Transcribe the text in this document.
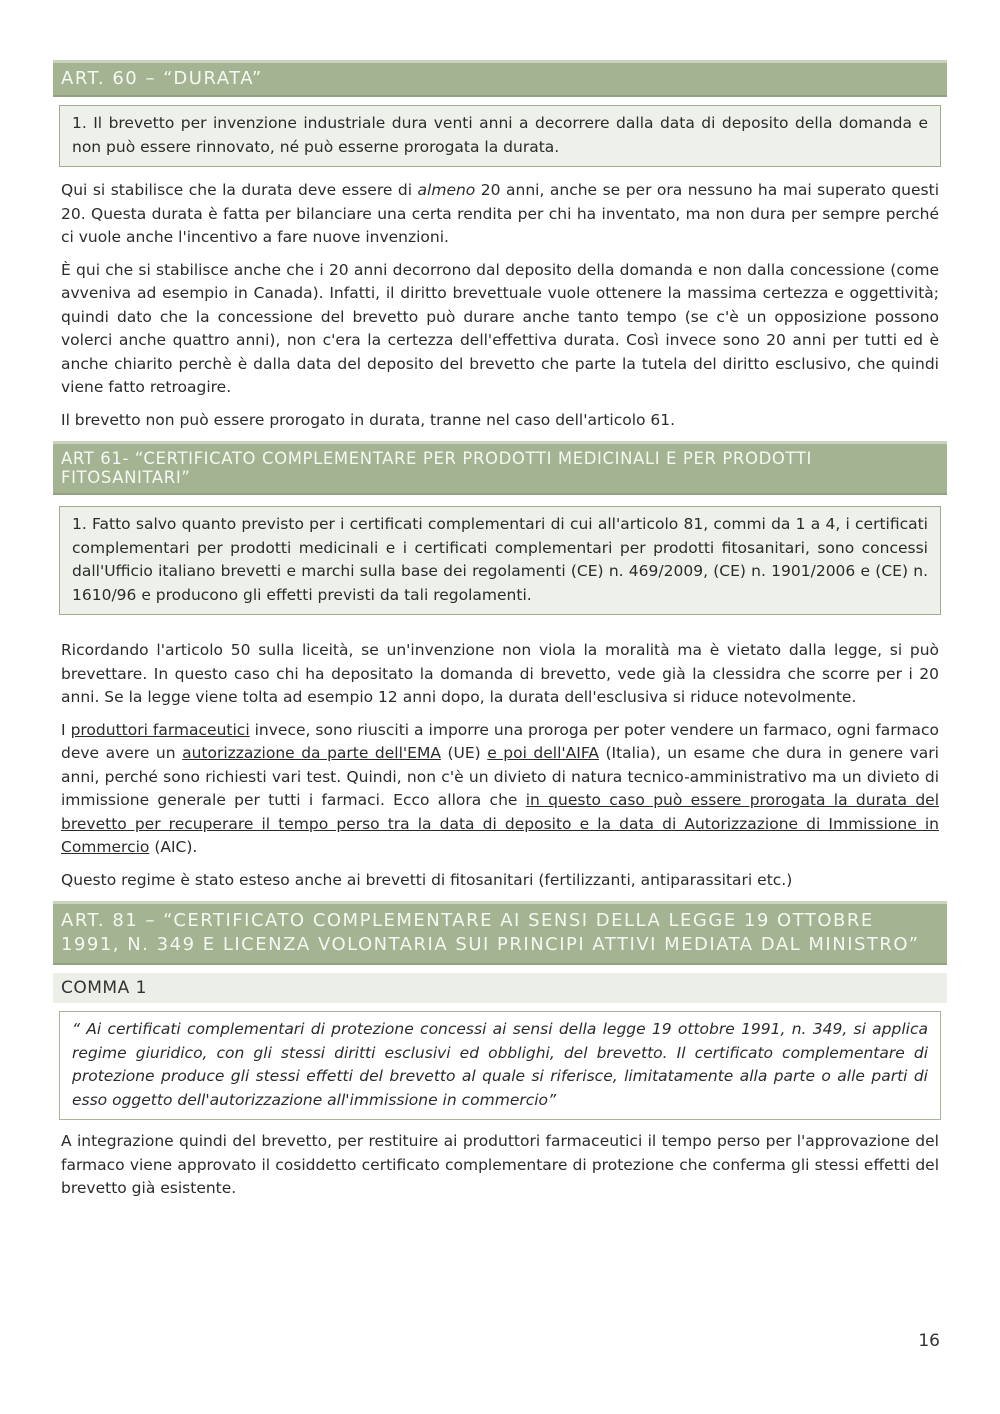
ART. 60 – “DURATA”
1. Il brevetto per invenzione industriale dura venti anni a decorrere dalla data di deposito della domanda e non può essere rinnovato, né può esserne prorogata la durata.

Qui si stabilisce che la durata deve essere di almeno 20 anni, anche se per ora nessuno ha mai superato questi 20. Questa durata è fatta per bilanciare una certa rendita per chi ha inventato, ma non dura per sempre perché ci vuole anche l'incentivo a fare nuove invenzioni.

È qui che si stabilisce anche che i 20 anni decorrono dal deposito della domanda e non dalla concessione (come avveniva ad esempio in Canada). Infatti, il diritto brevettuale vuole ottenere la massima certezza e oggettività; quindi dato che la concessione del brevetto può durare anche tanto tempo (se c'è un opposizione possono volerci anche quattro anni), non c'era la certezza dell'effettiva durata. Così invece sono 20 anni per tutti ed è anche chiarito perchè è dalla data del deposito del brevetto che parte la tutela del diritto esclusivo, che quindi viene fatto retroagire.

Il brevetto non può essere prorogato in durata, tranne nel caso dell'articolo 61.

ART 61- “CERTIFICATO COMPLEMENTARE PER PRODOTTI MEDICINALI E PER PRODOTTI FITOSANITARI”
1. Fatto salvo quanto previsto per i certificati complementari di cui all'articolo 81, commi da 1 a 4, i certificati complementari per prodotti medicinali e i certificati complementari per prodotti fitosanitari, sono concessi dall'Ufficio italiano brevetti e marchi sulla base dei regolamenti (CE) n. 469/2009, (CE) n. 1901/2006 e (CE) n. 1610/96 e producono gli effetti previsti da tali regolamenti.

Ricordando l'articolo 50 sulla liceità, se un'invenzione non viola la moralità ma è vietato dalla legge, si può brevettare. In questo caso chi ha depositato la domanda di brevetto, vede già la clessidra che scorre per i 20 anni. Se la legge viene tolta ad esempio 12 anni dopo, la durata dell'esclusiva si riduce notevolmente.

I produttori farmaceutici invece, sono riusciti a imporre una proroga per poter vendere un farmaco, ogni farmaco deve avere un autorizzazione da parte dell'EMA (UE) e poi dell'AIFA (Italia), un esame che dura in genere vari anni, perché sono richiesti vari test. Quindi, non c'è un divieto di natura tecnico-amministrativo ma un divieto di immissione generale per tutti i farmaci. Ecco allora che in questo caso può essere prorogata la durata del brevetto per recuperare il tempo perso tra la data di deposito e la data di Autorizzazione di Immissione in Commercio (AIC).

Questo regime è stato esteso anche ai brevetti di fitosanitari (fertilizzanti, antiparassitari etc.)

ART. 81 – “CERTIFICATO COMPLEMENTARE AI SENSI DELLA LEGGE 19 OTTOBRE 1991, N. 349 E LICENZA VOLONTARIA SUI PRINCIPI ATTIVI MEDIATA DAL MINISTRO”
COMMA 1
“ Ai certificati complementari di protezione concessi ai sensi della legge 19 ottobre 1991, n. 349, si applica regime giuridico, con gli stessi diritti esclusivi ed obblighi, del brevetto. Il certificato complementare di protezione produce gli stessi effetti del brevetto al quale si riferisce, limitatamente alla parte o alle parti di esso oggetto dell'autorizzazione all'immissione in commercio”

A integrazione quindi del brevetto, per restituire ai produttori farmaceutici il tempo perso per l'approvazione del farmaco viene approvato il cosiddetto certificato complementare di protezione che conferma gli stessi effetti del brevetto già esistente.

16
